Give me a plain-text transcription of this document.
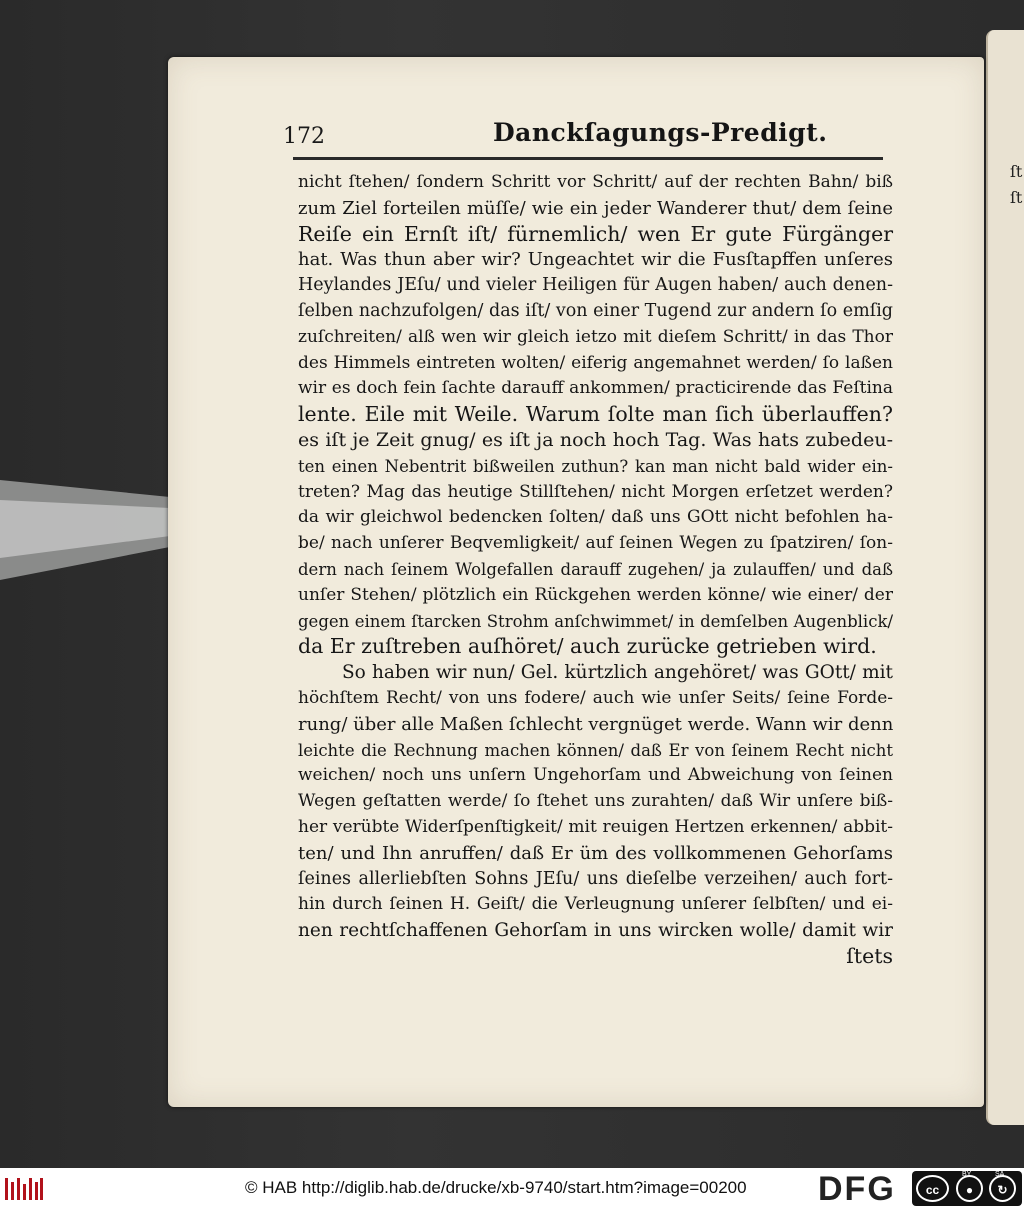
ſt
ſt
172	Danckſagungs-Predigt.
nicht ſtehen/ ſondern Schritt vor Schritt/ auf der rechten Bahn/ biß
zum Ziel forteilen müſſe/ wie ein jeder Wanderer thut/ dem ſeine
Reiſe ein Ernſt iſt/ fürnemlich/ wen Er gute Fürgänger
hat. Was thun aber wir? Ungeachtet wir die Fusſtapffen unſeres
Heylandes JEſu/ und vieler Heiligen für Augen haben/ auch denen-
ſelben nachzufolgen/ das iſt/ von einer Tugend zur andern ſo emſig
zuſchreiten/ alß wen wir gleich ietzo mit dieſem Schritt/ in das Thor
des Himmels eintreten wolten/ eiferig angemahnet werden/ ſo laßen
wir es doch fein ſachte darauff ankommen/ practicirende das Feſtina
lente. Eile mit Weile. Warum ſolte man ſich überlauffen?
es iſt je Zeit gnug/ es iſt ja noch hoch Tag. Was hats zubedeu-
ten einen Nebentrit bißweilen zuthun? kan man nicht bald wider ein-
treten? Mag das heutige Stillſtehen/ nicht Morgen erſetzet werden?
da wir gleichwol bedencken ſolten/ daß uns GOtt nicht befohlen ha-
be/ nach unſerer Beqvemligkeit/ auf ſeinen Wegen zu ſpatziren/ ſon-
dern nach ſeinem Wolgefallen darauff zugehen/ ja zulauffen/ und daß
unſer Stehen/ plötzlich ein Rückgehen werden könne/ wie einer/ der
gegen einem ſtarcken Strohm anſchwimmet/ in demſelben Augenblick/
da Er zuſtreben auſhöret/ auch zurücke getrieben wird.
So haben wir nun/ Gel. kürtzlich angehöret/ was GOtt/ mit
höchſtem Recht/ von uns fodere/ auch wie unſer Seits/ ſeine Forde-
rung/ über alle Maßen ſchlecht vergnüget werde. Wann wir denn
leichte die Rechnung machen können/ daß Er von ſeinem Recht nicht
weichen/ noch uns unſern Ungehorſam und Abweichung von ſeinen
Wegen geſtatten werde/ ſo ſtehet uns zurahten/ daß Wir unſere biß-
her verübte Widerſpenſtigkeit/ mit reuigen Hertzen erkennen/ abbit-
ten/ und Ihn anruffen/ daß Er üm des vollkommenen Gehorſams
ſeines allerliebſten Sohns JEſu/ uns dieſelbe verzeihen/ auch fort-
hin durch ſeinen H. Geiſt/ die Verleugnung unſerer ſelbſten/ und ei-
nen rechtſchaffenen Gehorſam in uns wircken wolle/ damit wir
ſtets
© HAB http://diglib.hab.de/drucke/xb-9740/start.htm?image=00200 DFG	cc	●	↻
BY	SA
